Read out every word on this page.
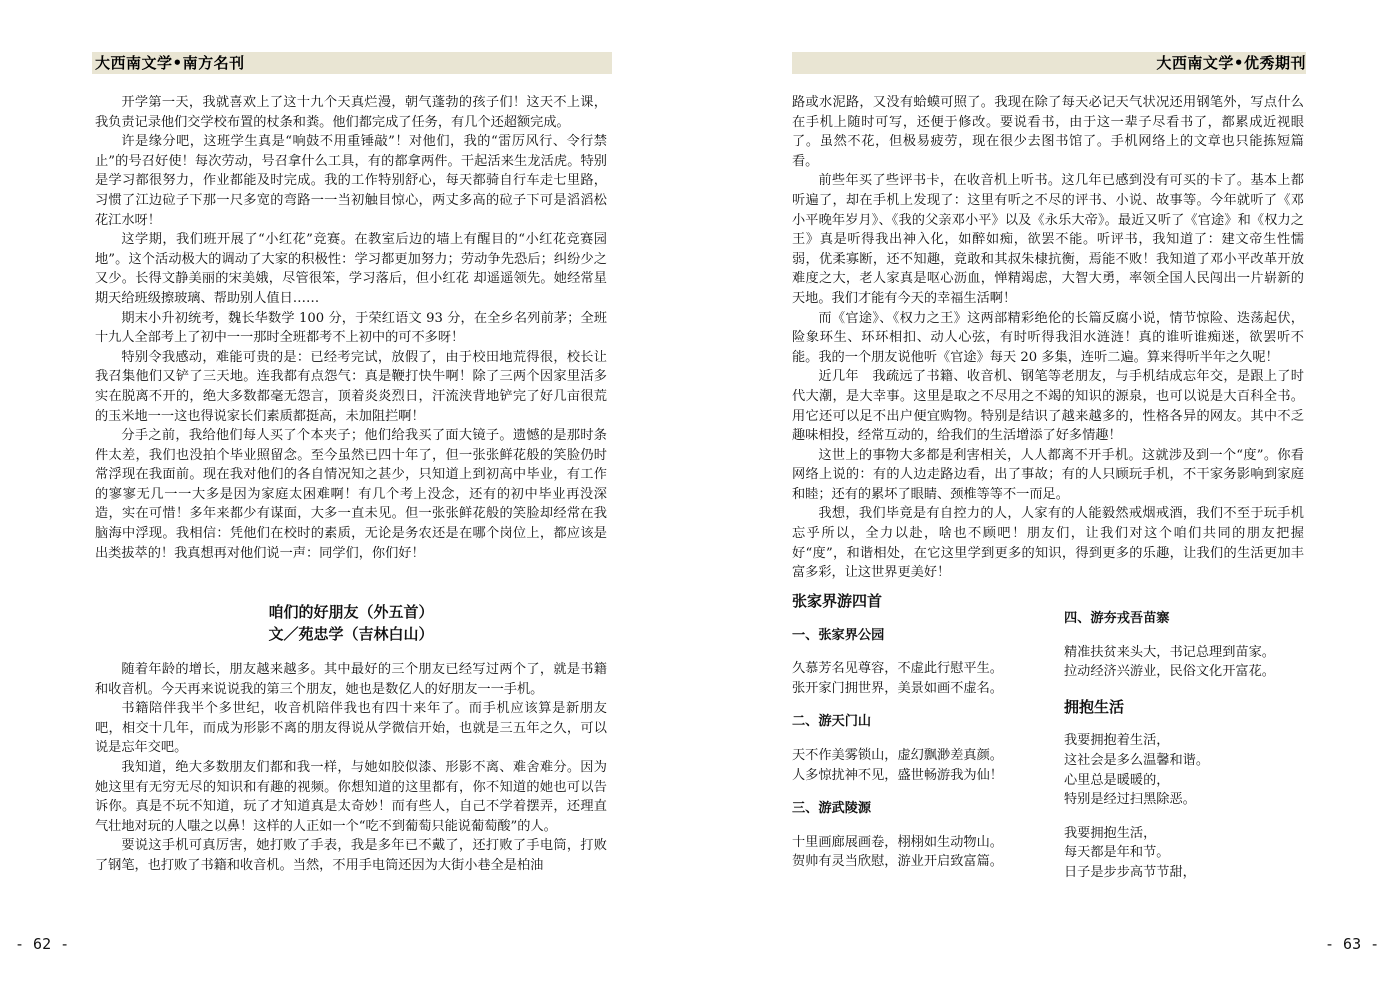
大西南文学•南方名刊

开学第一天，我就喜欢上了这十九个天真烂漫，朝气蓬勃的孩子们！这天不上课，我负责记录他们交学校布置的杖条和粪。他们都完成了任务，有几个还超额完成。

许是缘分吧，这班学生真是“响鼓不用重锤敲”！对他们，我的“雷厉风行、令行禁止”的号召好使！每次劳动，号召拿什么工具，有的都拿两件。干起活来生龙活虎。特别是学习都很努力，作业都能及时完成。我的工作特别舒心，每天都骑自行车走七里路，习惯了江边砬子下那一尺多宽的弯路一一当初触目惊心，两丈多高的砬子下可是滔滔松花江水呀！

这学期，我们班开展了“小红花”竞赛。在教室后边的墙上有醒目的“小红花竞赛园地”。这个活动极大的调动了大家的积极性：学习都更加努力；劳动争先恐后；纠纷少之又少。长得文静美丽的宋美娥，尽管很笨，学习落后，但小红花 却遥遥领先。她经常星期天给班级擦玻璃、帮助别人值日……

期末小升初统考，魏长华数学 100 分，于荣红语文 93 分，在全乡名列前茅；全班十九人全部考上了初中一一那时全班都考不上初中的可不多呀！

特别令我感动，难能可贵的是：已经考完试，放假了，由于校田地荒得很，校长让我召集他们又铲了三天地。连我都有点怨气：真是鞭打快牛啊！除了三两个因家里活多实在脱离不开的，绝大多数都毫无怨言，顶着炎炎烈日，汗流浃背地铲完了好几亩很荒的玉米地一一这也得说家长们素质都挺高，未加阻拦啊！

分手之前，我给他们每人买了个本夹子；他们给我买了面大镜子。遗憾的是那时条件太差，我们也没拍个毕业照留念。至今虽然已四十年了，但一张张鲜花般的笑脸仍时常浮现在我面前。现在我对他们的各自情况知之甚少，只知道上到初高中毕业，有工作的寥寥无几一一大多是因为家庭太困难啊！有几个考上没念，还有的初中毕业再没深造，实在可惜！多年来都少有谋面，大多一直未见。但一张张鲜花般的笑脸却经常在我脑海中浮现。我相信：凭他们在校时的素质，无论是务农还是在哪个岗位上，都应该是出类拔萃的！我真想再对他们说一声：同学们，你们好！

咱们的好朋友（外五首）
文／苑忠学（吉林白山）

随着年龄的增长，朋友越来越多。其中最好的三个朋友已经写过两个了，就是书籍和收音机。今天再来说说我的第三个朋友，她也是数亿人的好朋友一一手机。

书籍陪伴我半个多世纪，收音机陪伴我也有四十来年了。而手机应该算是新朋友吧，相交十几年，而成为形影不离的朋友得说从学微信开始，也就是三五年之久，可以说是忘年交吧。

我知道，绝大多数朋友们都和我一样，与她如胶似漆、形影不离、难舍难分。因为她这里有无穷无尽的知识和有趣的视频。你想知道的这里都有，你不知道的她也可以告诉你。真是不玩不知道，玩了才知道真是太奇妙！而有些人，自己不学着摆弄，还理直气壮地对玩的人嗤之以鼻！这样的人正如一个“吃不到葡萄只能说葡萄酸”的人。

要说这手机可真厉害，她打败了手表，我是多年已不戴了，还打败了手电筒，打败了钢笔，也打败了书籍和收音机。当然，不用手电筒还因为大街小巷全是柏油

- 62 -
大西南文学•优秀期刊

路或水泥路，又没有蛤蟆可照了。我现在除了每天必记天气状况还用钢笔外，写点什么在手机上随时可写，还便于修改。要说看书，由于这一辈子尽看书了，都累成近视眼了。虽然不花，但极易疲劳，现在很少去图书馆了。手机网络上的文章也只能拣短篇看。

前些年买了些评书卡，在收音机上听书。这几年已感到没有可买的卡了。基本上都听遍了，却在手机上发现了：这里有听之不尽的评书、小说、故事等。今年就听了《邓小平晚年岁月》、《我的父亲邓小平》以及《永乐大帝》。最近又听了《官途》和《权力之王》真是听得我出神入化，如醉如痴，欲罢不能。听评书，我知道了：建文帝生性懦弱，优柔寡断，还不知趣，竟敢和其叔朱棣抗衡，焉能不败！我知道了邓小平改革开放难度之大，老人家真是呕心沥血，惮精竭虑，大智大勇，率领全国人民闯出一片崭新的天地。我们才能有今天的幸福生活啊！

而《官途》、《权力之王》这两部精彩绝伦的长篇反腐小说，情节惊险、迭荡起伏，险象环生、环环相扣、动人心弦，有时听得我泪水涟涟！真的谁听谁痴迷，欲罢听不能。我的一个朋友说他听《官途》每天 20 多集，连听二遍。算来得听半年之久呢！

近几年　我疏远了书籍、收音机、钢笔等老朋友，与手机结成忘年交，是跟上了时代大潮，是大幸事。这里是取之不尽用之不竭的知识的源泉，也可以说是大百科全书。用它还可以足不出户便宜购物。特别是结识了越来越多的，性格各异的网友。其中不乏趣味相投，经常互动的，给我们的生活增添了好多情趣！

这世上的事物大多都是利害相关，人人都离不开手机。这就涉及到一个“度”。你看网络上说的：有的人边走路边看，出了事故；有的人只顾玩手机，不干家务影响到家庭和睦；还有的累坏了眼睛、颈椎等等不一而足。

我想，我们毕竟是有自控力的人，人家有的人能毅然戒烟戒酒，我们不至于玩手机忘乎所以，全力以赴，啥也不顾吧！朋友们，让我们对这个咱们共同的朋友把握好“度”，和谐相处，在它这里学到更多的知识，得到更多的乐趣，让我们的生活更加丰富多彩，让这世界更美好！

张家界游四首
一、张家界公园
久慕芳名见尊容，不虚此行慰平生。
张开家门拥世界，美景如画不虚名。
二、游天门山
天不作美雾锁山，虚幻飘渺差真颜。
人多惊扰神不见，盛世畅游我为仙！
三、游武陵源
十里画廊展画卷，栩栩如生动物山。
贺帅有灵当欣慰，游业开启致富篇。
四、游夯戎吾苗寨
精准扶贫来头大，书记总理到苗家。
拉动经济兴游业，民俗文化开富花。
拥抱生活
我要拥抱着生活，
这社会是多么温馨和谐。
心里总是暖暖的，
特别是经过扫黑除恶。
我要拥抱生活，
每天都是年和节。
日子是步步高节节甜，
- 63 -
